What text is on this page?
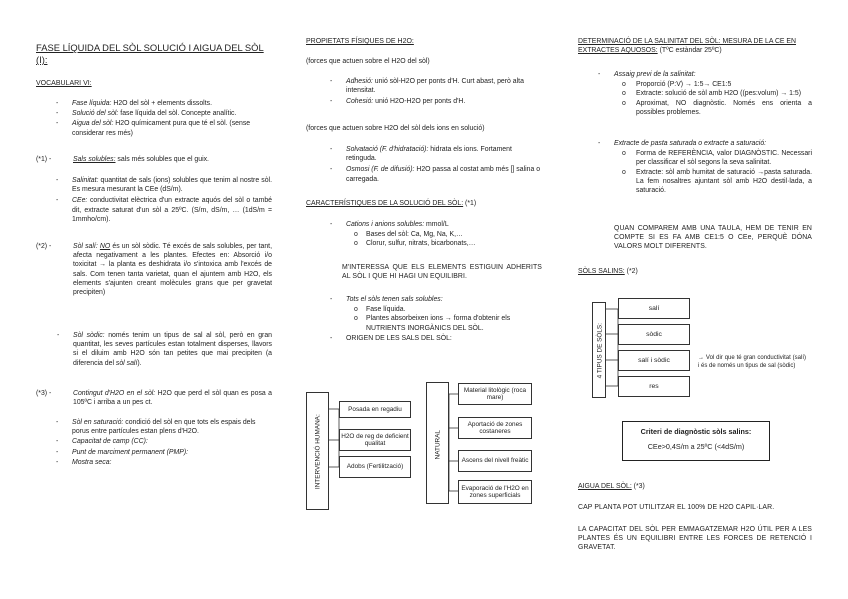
FASE LÍQUIDA DEL SÒL SOLUCIÓ I AIGUA DEL SÒL (I):
VOCABULARI VI:
- Fase líquida: H2O del sòl + elements dissolts.
- Solució del sòl: fase líquida del sòl. Concepte analític.
- Aigua del sòl: H2O químicament pura que té el sòl. (sense considerar res més)
(*1) -	Sals solubles: sals més solubles que el guix.
- Salinitat: quantitat de sals (ions) solubles que tenim al nostre sòl. Es mesura mesurant la CEe (dS/m).
- CEe: conductivitat elèctrica d'un extracte aquós del sòl o també dit, extracte saturat d'un sòl a 25ºC. (S/m, dS/m, … (1dS/m = 1mmho/cm).
(*2) -	Sòl salí: NO és un sòl sòdic. Té excés de sals solubles, per tant, afecta negativament a les plantes. Efectes en: Absorció i/o toxicitat → la planta es deshidrata i/o s'intoxica amb l'excés de sals. Com tenen tanta varietat, quan el ajuntem amb H2O, els elements s'ajunten creant molècules grans que per gravetat precipiten)
- Sòl sòdic: només tenim un tipus de sal al sòl, però en gran quantitat, les seves partícules estan totalment disperses, llavors si el diluim amb H2O són tan petites que mai precipiten (a diferencia del sòl salí).
(*3) -	Contingut d'H2O en el sòl: H2O que perd el sòl quan es posa a 105ºC i arriba a un pes ct.
- Sòl en saturació: condició del sòl en que tots els espais dels porus entre partícules estan plens d'H2O.
- Capacitat de camp (CC):
- Punt de marciment permanent (PMP):
- Mostra seca:
PROPIETATS FÍSIQUES DE H2O:
(forces que actuen sobre el H2O del sòl)
- Adhesió: unió sòl-H2O per ponts d'H. Curt abast, però alta intensitat.
- Cohesió: unió H2O-H2O per ponts d'H.
(forces que actuen sobre H2O del sòl dels ions en solució)
- Solvatació (F. d'hidratació): hidrata els ions. Fortament retinguda.
- Osmosi (F. de difusió): H2O passa al costat amb més [] salina o carregada.
CARACTERÍSTIQUES DE LA SOLUCIÓ DEL SÒL: (*1)
- Cations i anions solubles: mmol/L
o Bases del sòl: Ca, Mg, Na, K,…
o Clorur, sulfur, nitrats, bicarbonats,…
M'INTERESSA QUE ELS ELEMENTS ESTIGUIN ADHERITS AL SÒL I QUE HI HAGI UN EQUILIBRI.
- Tots el sòls tenen sals solubles:
o Fase líquida.
o Plantes absorbeixen ions → forma d'obtenir els NUTRIENTS INORGÀNICS DEL SÒL.
- ORIGEN DE LES SALS DEL SÒL:
INTERVENCIÓ HUMANA:
Posada en regadiu
H2O de reg de deficient qualitat
Adobs (Fertilització)
NATURAL
Material litològic (roca mare)
Aportació de zones costaneres
Ascens del nivell freàtic
Evaporació de l'H2O en zones superficials
DETERMINACIÓ DE LA SALINITAT DEL SÒL: MESURA DE LA CE EN EXTRACTES AQUOSOS: (TºC estàndar 25ºC)
- Assaig previ de la salinitat:
o Proporció (P:V) → 1:5→ CE1:5
o Extracte: solució de sòl amb H2O ((pes:volum) → 1:5)
o Aproximat, NO diagnòstic. Només ens orienta a possibles problemes.
- Extracte de pasta saturada o extracte a saturació:
o Forma de REFERÈNCIA, valor DIAGNÒSTIC. Necessari per classificar el sòl segons la seva salinitat.
o Extracte: sòl amb humitat de saturació →pasta saturada. La fem nosaltres ajuntant sòl amb H2O destil·lada, a saturació.
QUAN COMPAREM AMB UNA TAULA, HEM DE TENIR EN COMPTE SI ES FA AMB CE1:5 O CEe, PERQUÈ DÓNA VALORS MOLT DIFERENTS.
SÒLS SALINS: (*2)
4 TIPUS DE SÒLS:
salí
sòdic
salí i sòdic
res
→ Vol dir que té gran conductivitat (salí) i és de només un tipus de sal (sòdic)
Criteri de diagnòstic sòls salins:
CEe>0,4S/m a 25ºC (<4dS/m)
AIGUA DEL SÒL: (*3)
CAP PLANTA POT UTILITZAR EL 100% DE H2O CAPIL·LAR.
LA CAPACITAT DEL SÒL PER EMMAGATZEMAR H2O ÚTIL PER A LES PLANTES ÉS UN EQUILIBRI ENTRE LES FORCES DE RETENCIÓ I GRAVETAT.
